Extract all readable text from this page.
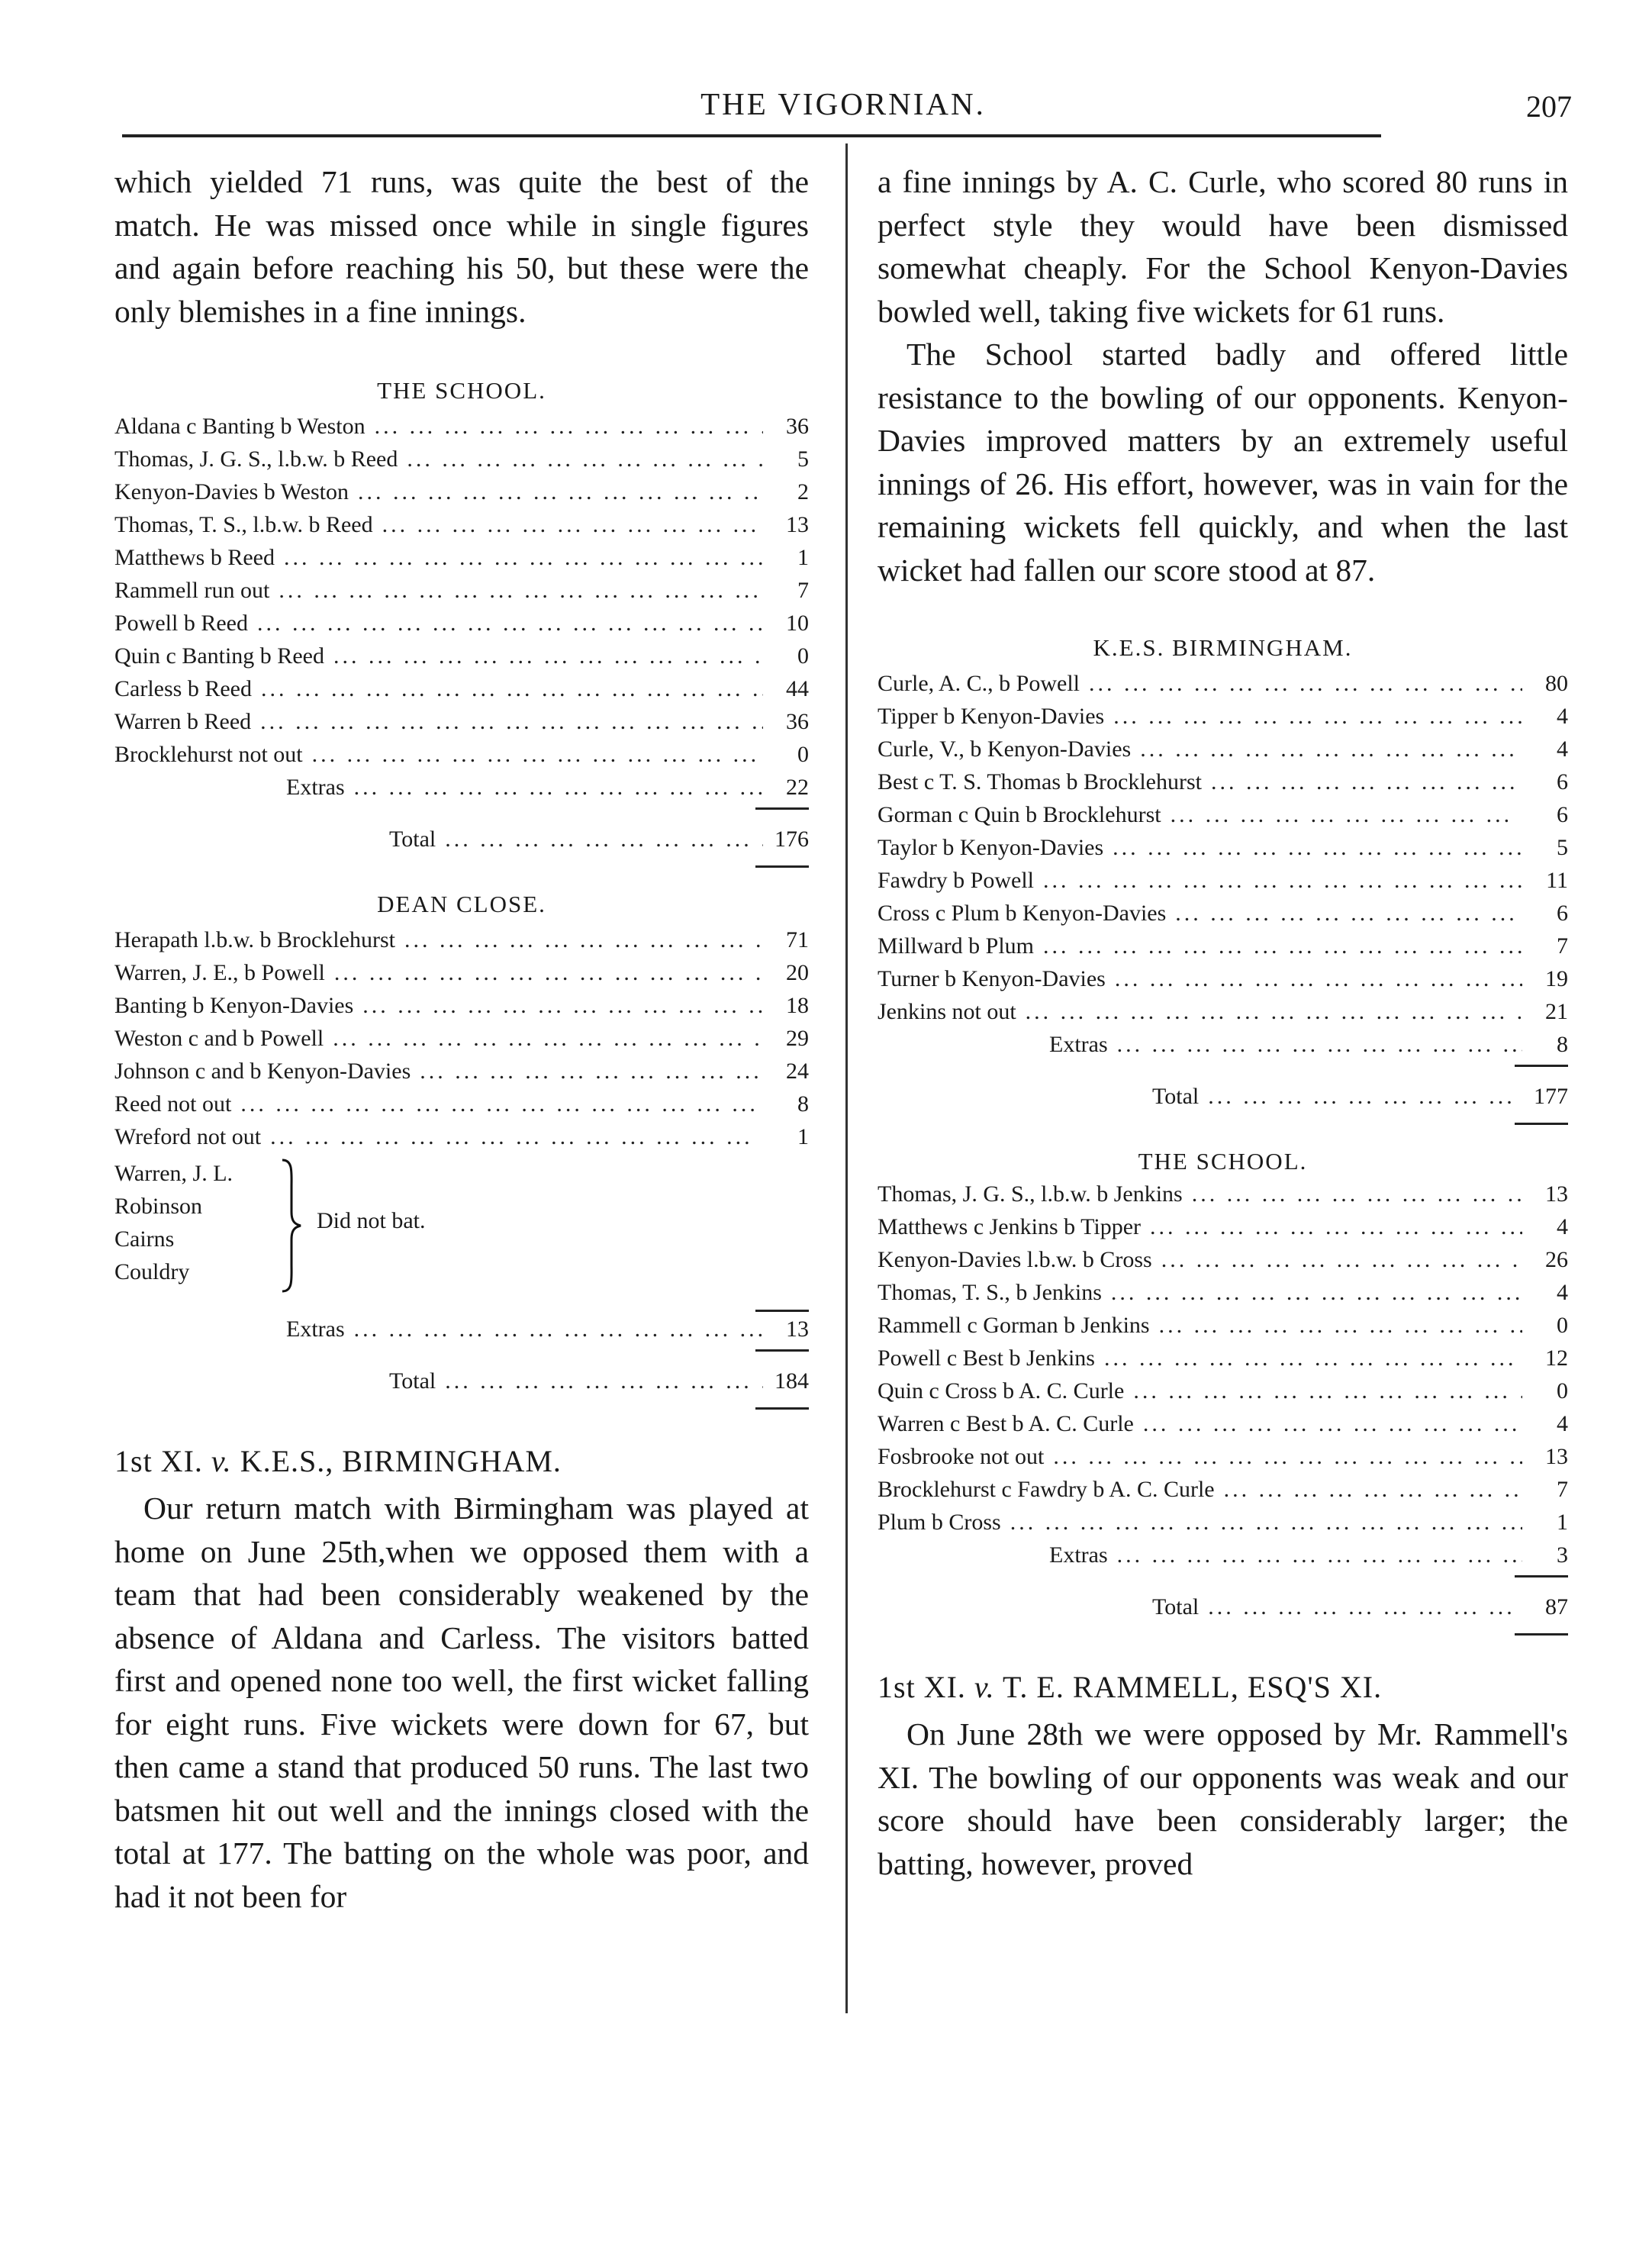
THE VIGORNIAN.	207

which yielded 71 runs, was quite the best of the match. He was missed once while in single figures and again before reaching his 50, but these were the only blemishes in a fine innings.

THE SCHOOL.

Aldana c Banting b Weston ... .	36
Thomas, J. G. S., l.b.w. b Reed ... .	5
Kenyon-Davies b Weston ... .	2
Thomas, T. S., l.b.w. b Reed ... .	13
Matthews b Reed ... .	1
Rammell run out ... .	7
Powell b Reed ... .	10
Quin c Banting b Reed ... .	0
Carless b Reed ... .	44
Warren b Reed ... .	36
Brocklehurst not out ... .	0
Extras ... .	22
Total ... .	176

DEAN CLOSE.

Herapath l.b.w. b Brocklehurst ... .	71
Warren, J. E., b Powell ... .	20
Banting b Kenyon-Davies ... .	18
Weston c and b Powell ... .	29
Johnson c and b Kenyon-Davies ... .	24
Reed not out ... .	8
Wreford not out ... .	1
Warren, J. L.
Robinson
Cairns
Couldry
Did not bat.
Extras ... .	13
Total ... .	184

1st XI. v. K.E.S., BIRMINGHAM.

Our return match with Birmingham was played at home on June 25th,when we opposed them with a team that had been considerably weakened by the absence of Aldana and Carless. The visitors batted first and opened none too well, the first wicket falling for eight runs. Five wickets were down for 67, but then came a stand that produced 50 runs. The last two batsmen hit out well and the innings closed with the total at 177. The batting on the whole was poor, and had it not been for

a fine innings by A. C. Curle, who scored 80 runs in perfect style they would have been dismissed somewhat cheaply. For the School Kenyon-Davies bowled well, taking five wickets for 61 runs.

The School started badly and offered little resistance to the bowling of our opponents. Kenyon-Davies improved matters by an extremely useful innings of 26. His effort, however, was in vain for the remaining wickets fell quickly, and when the last wicket had fallen our score stood at 87.

K.E.S. BIRMINGHAM.

Curle, A. C., b Powell ... .	80
Tipper b Kenyon-Davies ... .	4
Curle, V., b Kenyon-Davies ... .	4
Best c T. S. Thomas b Brocklehurst ... .	6
Gorman c Quin b Brocklehurst ... .	6
Taylor b Kenyon-Davies ... .	5
Fawdry b Powell ... .	11
Cross c Plum b Kenyon-Davies ... .	6
Millward b Plum ... .	7
Turner b Kenyon-Davies ... .	19
Jenkins not out ... .	21
Extras ... .	8
Total ... .	177

THE SCHOOL.

Thomas, J. G. S., l.b.w. b Jenkins ... .	13
Matthews c Jenkins b Tipper ... .	4
Kenyon-Davies l.b.w. b Cross ... .	26
Thomas, T. S., b Jenkins ... .	4
Rammell c Gorman b Jenkins ... .	0
Powell c Best b Jenkins ... .	12
Quin c Cross b A. C. Curle ... .	0
Warren c Best b A. C. Curle ... .	4
Fosbrooke not out ... .	13
Brocklehurst c Fawdry b A. C. Curle ... .	7
Plum b Cross ... .	1
Extras ... .	3
Total ... .	87

1st XI. v. T. E. RAMMELL, ESQ'S XI.

On June 28th we were opposed by Mr. Rammell's XI. The bowling of our opponents was weak and our score should have been considerably larger; the batting, however, proved
